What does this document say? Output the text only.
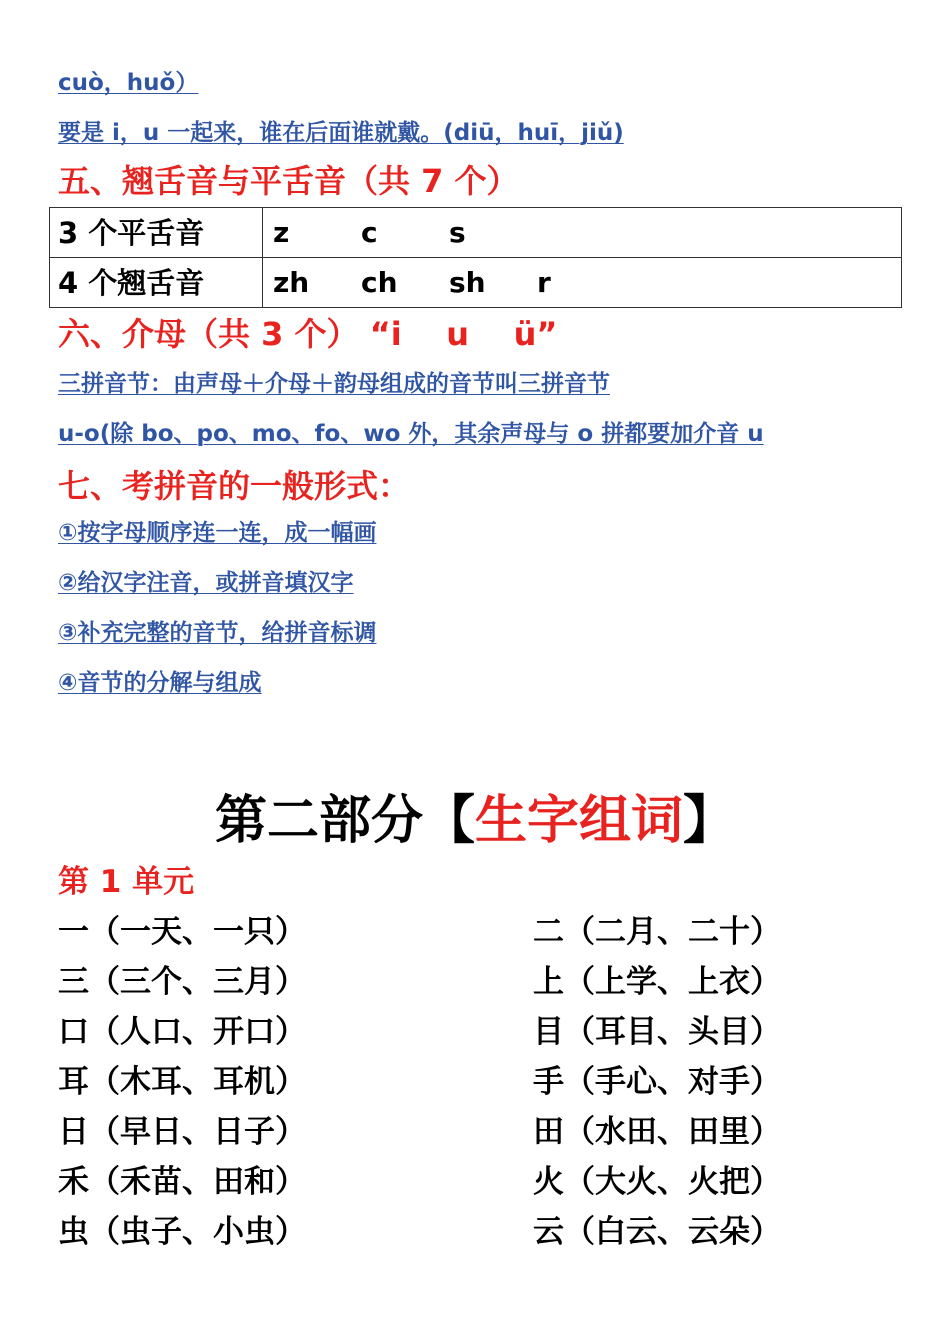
cuò，huǒ）
要是 i，u 一起来，谁在后面谁就戴。(diū，huī，jiǔ)
五、翘舌音与平舌音（共 7 个）
3 个平舌音	z c s
4 个翘舌音	zh ch sh r
六、介母（共 3 个） “i    u    ü”
三拼音节：由声母＋介母＋韵母组成的音节叫三拼音节
u-o(除 bo、po、mo、fo、wo 外，其余声母与 o 拼都要加介音 u
七、考拼音的一般形式：
①按字母顺序连一连，成一幅画
②给汉字注音，或拼音填汉字
③补充完整的音节，给拼音标调
④音节的分解与组成
第二部分【生字组词】
第 1 单元
一（一天、一只）
三（三个、三月）
口（人口、开口）
耳（木耳、耳机）
日（早日、日子）
禾（禾苗、田和）
虫（虫子、小虫）
二（二月、二十）
上（上学、上衣）
目（耳目、头目）
手（手心、对手）
田（水田、田里）
火（大火、火把）
云（白云、云朵）
